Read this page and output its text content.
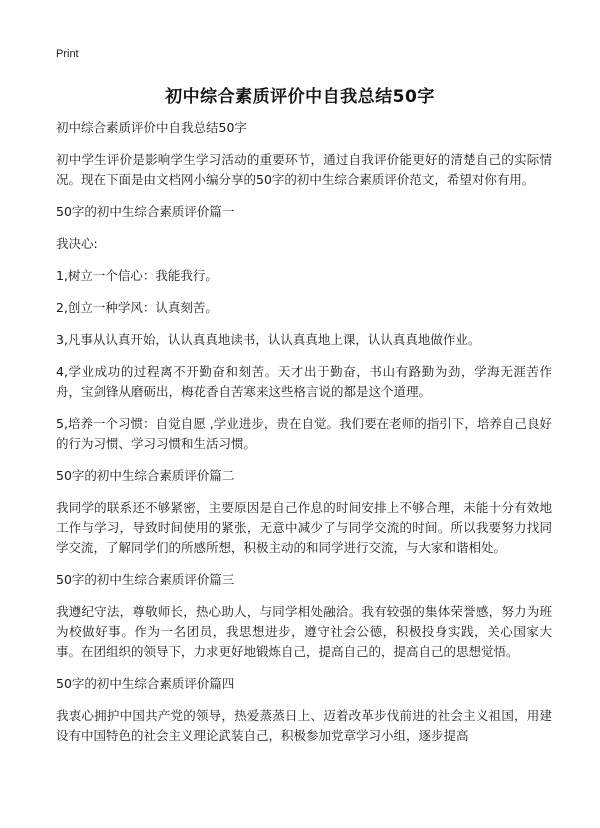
Print
初中综合素质评价中自我总结50字

初中综合素质评价中自我总结50字

初中学生评价是影响学生学习活动的重要环节，通过自我评价能更好的清楚自己的实际情况。现在下面是由文档网小编分享的50字的初中生综合素质评价范文，希望对你有用。

50字的初中生综合素质评价篇一

我决心:

1,树立一个信心：我能我行。

2,创立一种学风：认真刻苦。

3,凡事从认真开始，认认真真地读书，认认真真地上课，认认真真地做作业。

4,学业成功的过程离不开勤奋和刻苦。天才出于勤奋，书山有路勤为劲，学海无涯苦作舟，宝剑锋从磨砺出，梅花香自苦寒来这些格言说的都是这个道理。

5,培养一个习惯：自觉自愿 ,学业进步，贵在自觉。我们要在老师的指引下，培养自己良好的行为习惯、学习习惯和生活习惯。

50字的初中生综合素质评价篇二

我同学的联系还不够紧密，主要原因是自己作息的时间安排上不够合理，未能十分有效地工作与学习，导致时间使用的紧张，无意中减少了与同学交流的时间。所以我要努力找同学交流，了解同学们的所感所想，积极主动的和同学进行交流，与大家和谐相处。

50字的初中生综合素质评价篇三

我遵纪守法，尊敬师长，热心助人，与同学相处融洽。我有较强的集体荣誉感，努力为班为校做好事。作为一名团员，我思想进步，遵守社会公德，积极投身实践，关心国家大事。在团组织的领导下，力求更好地锻炼自己，提高自己的，提高自己的思想觉悟。

50字的初中生综合素质评价篇四

我衷心拥护中国共产党的领导，热爱蒸蒸日上、迈着改革步伐前进的社会主义祖国，用建设有中国特色的社会主义理论武装自己，积极参加党章学习小组，逐步提高
